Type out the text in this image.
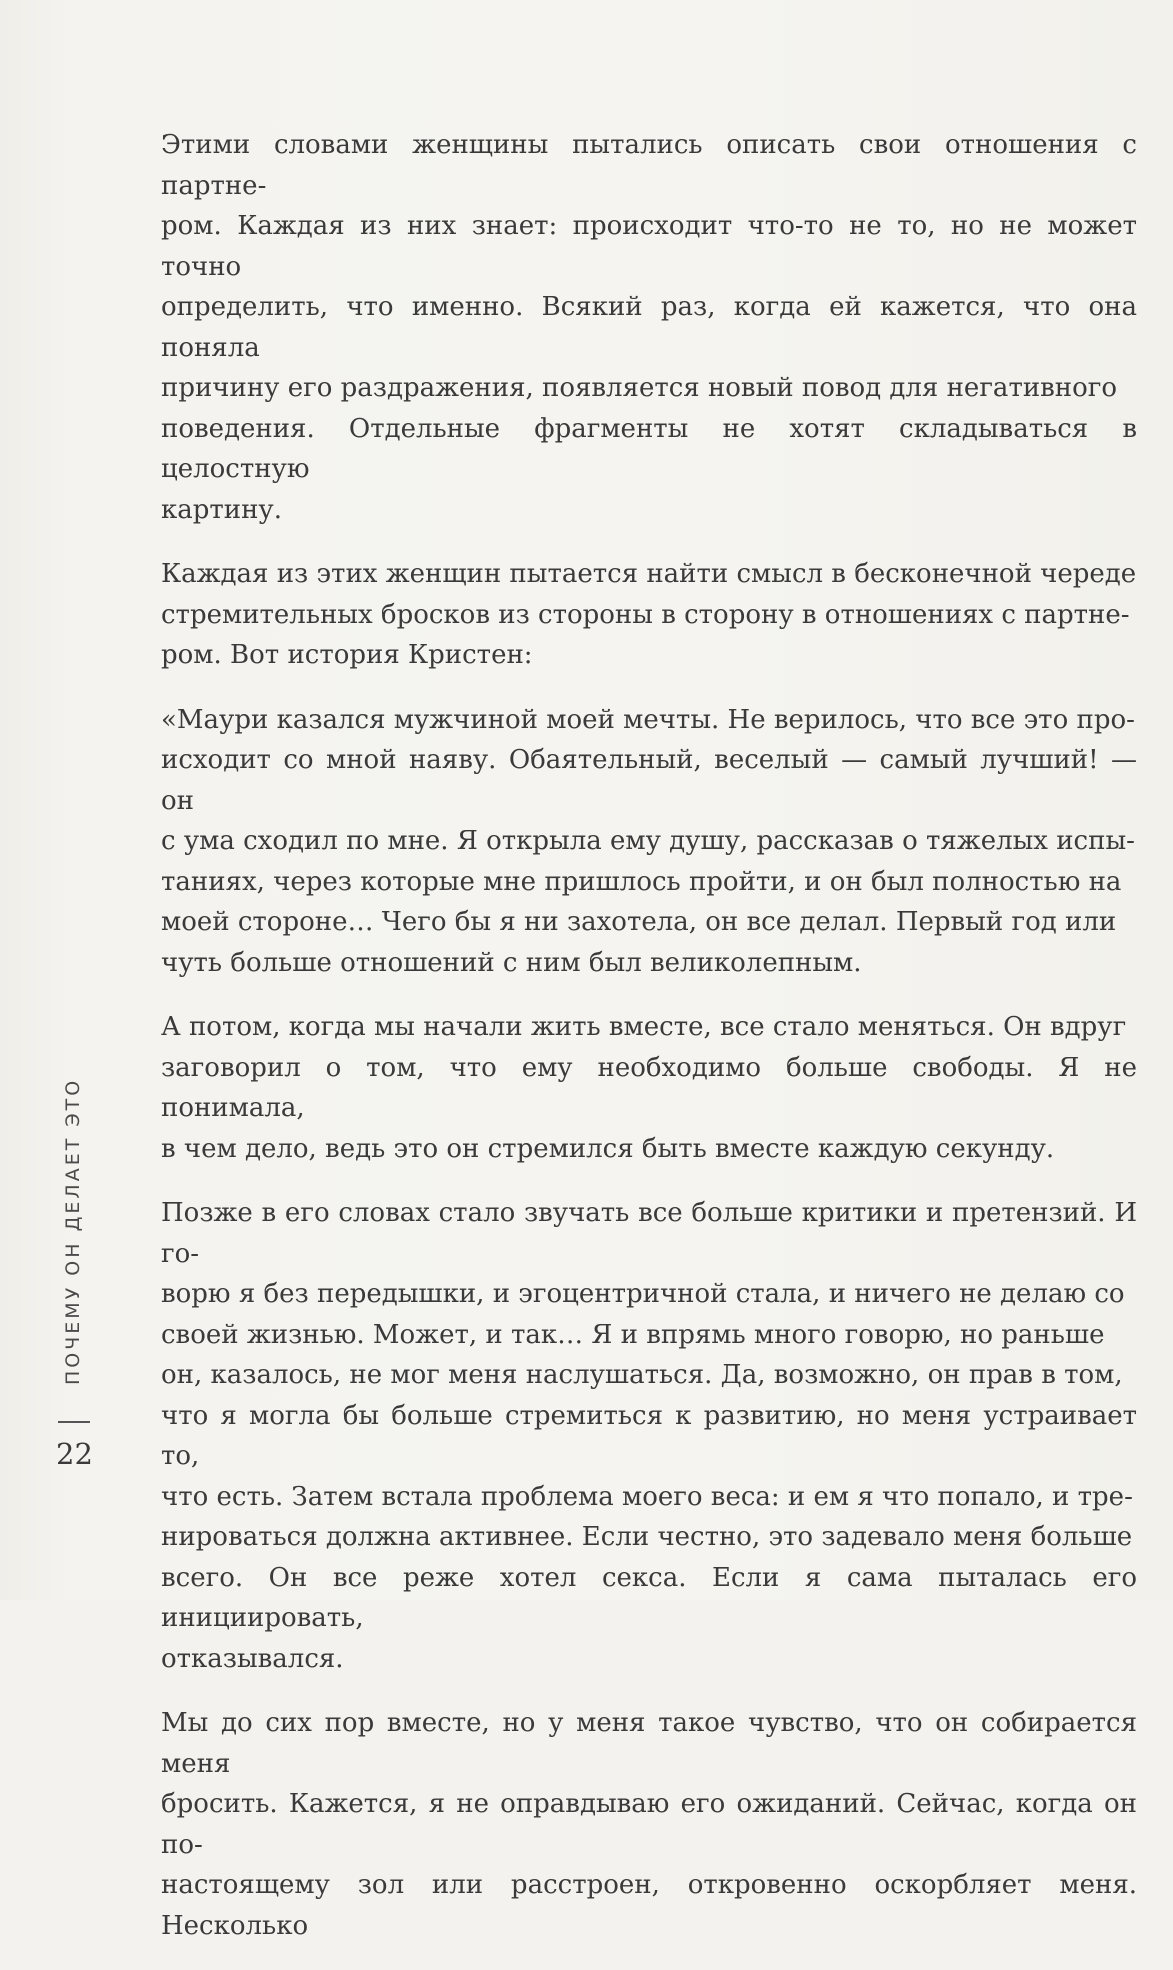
Этими словами женщины пытались описать свои отношения с партне-
ром. Каждая из них знает: происходит что-то не то, но не может точно
определить, что именно. Всякий раз, когда ей кажется, что она поняла
причину его раздражения, появляется новый повод для негативного
поведения. Отдельные фрагменты не хотят складываться в целостную
картину.

Каждая из этих женщин пытается найти смысл в бесконечной череде
стремительных бросков из стороны в сторону в отношениях с партне-
ром. Вот история Кристен:

«Маури казался мужчиной моей мечты. Не верилось, что все это про-
исходит со мной наяву. Обаятельный, веселый — самый лучший! — он
с ума сходил по мне. Я открыла ему душу, рассказав о тяжелых испы-
таниях, через которые мне пришлось пройти, и он был полностью на
моей стороне… Чего бы я ни захотела, он все делал. Первый год или
чуть больше отношений с ним был великолепным.

А потом, когда мы начали жить вместе, все стало меняться. Он вдруг
заговорил о том, что ему необходимо больше свободы. Я не понимала,
в чем дело, ведь это он стремился быть вместе каждую секунду.

Позже в его словах стало звучать все больше критики и претензий. И го-
ворю я без передышки, и эгоцентричной стала, и ничего не делаю со
своей жизнью. Может, и так… Я и впрямь много говорю, но раньше
он, казалось, не мог меня наслушаться. Да, возможно, он прав в том,
что я могла бы больше стремиться к развитию, но меня устраивает то,
что есть. Затем встала проблема моего веса: и ем я что попало, и тре-
нироваться должна активнее. Если честно, это задевало меня больше
всего. Он все реже хотел секса. Если я сама пыталась его инициировать,
отказывался.

Мы до сих пор вместе, но у меня такое чувство, что он собирается меня
бросить. Кажется, я не оправдываю его ожиданий. Сейчас, когда он по-
настоящему зол или расстроен, откровенно оскорбляет меня. Несколько

ПОЧЕМУ ОН ДЕЛАЕТ ЭТО
22
